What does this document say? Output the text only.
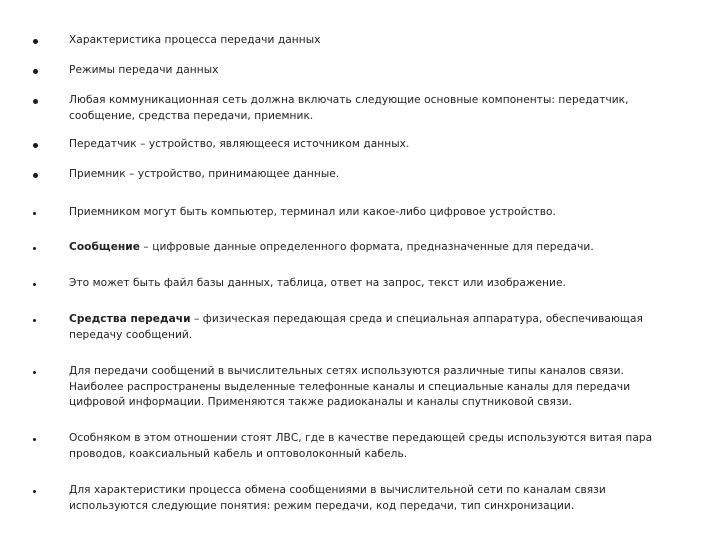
Характеристика процесса передачи данных
Режимы передачи данных
Любая коммуникационная сеть должна включать следующие основные компоненты: передатчик, сообщение, средства передачи, приемник.
Передатчик – устройство, являющееся источником данных.
Приемник – устройство, принимающее данные.
Приемником могут быть компьютер, терминал или какое-либо цифровое устройство.
Сообщение – цифровые данные определенного формата, предназначенные для передачи.
Это может быть файл базы данных, таблица, ответ на запрос, текст или изображение.
Средства передачи – физическая передающая среда и специальная аппаратура, обеспечивающая передачу сообщений.
Для передачи сообщений в вычислительных сетях используются различные типы каналов связи. Наиболее распространены выделенные телефонные каналы и специальные каналы для передачи цифровой информации. Применяются также радиоканалы и каналы спутниковой связи.
Особняком в этом отношении стоят ЛВС, где в качестве передающей среды используются витая пара проводов, коаксиальный кабель и оптоволоконный кабель.
Для характеристики процесса обмена сообщениями в вычислительной сети по каналам связи используются следующие понятия: режим передачи, код передачи, тип синхронизации.
